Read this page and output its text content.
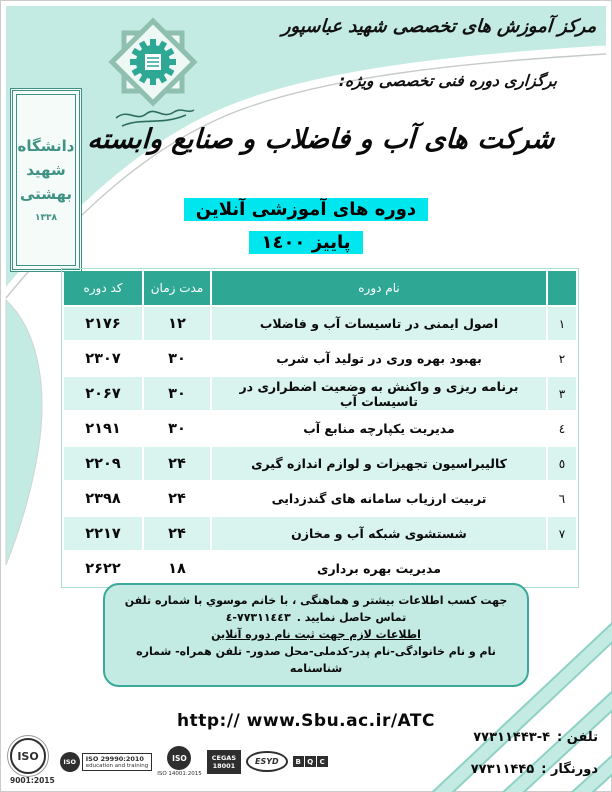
دانشگاه
شهید
بهشتی
١٣٣٨
مرکز آموزش های تخصصی شهید عباسپور
برگزاری دوره فنی تخصصی ویژه:
شرکت های آب و فاضلاب و صنایع وابسته
دوره های آموزشی آنلاین
پاییز ١٤٠٠
	نام دوره	مدت زمان	کد دوره
١	اصول ایمنی در تاسیسات آب و فاضلاب	۱۲	۲۱۷۶
٢	بهبود بهره وری در تولید آب شرب	۳۰	۲۳۰۷
٣	برنامه ریزی و واکنش به وضعیت اضطراری در تاسیسات آب	۳۰	۲۰۶۷
٤	مدیریت یکپارچه منابع آب	۳۰	۲۱۹۱
٥	کالیبراسیون تجهیزات و لوازم اندازه گیری	۲۴	۲۲۰۹
٦	تربیت ارزیاب سامانه های گندزدایی	۲۴	۲۳۹۸
٧	شستشوی شبکه آب و مخازن	۲۴	۲۲۱۷
	مدیریت بهره برداری	۱۸	۲۶۲۲
جهت کسب اطلاعات بیشتر و هماهنگی ، با خانم موسوي با شماره تلفن
٧٧٣١١٤٤٣-٤ تماس حاصل نمایید .
اطلاعات لازم جهت ثبت نام دوره آنلاین
نام و نام خانوادگی-نام پدر-کدملی-محل صدور- تلفن همراه- شماره شناسنامه
http:// www.Sbu.ac.ir/ATC
تلفن :
۷۷۳۱۱۴۴۳-۴
دورنگار :
۷۷۳۱۱۴۴۵
ISO
9001:2015
ISO	ISO 29990:2010
education and training
ISO
ISO 14001:2015
CEGAS
18001	ESYD	B Q C
